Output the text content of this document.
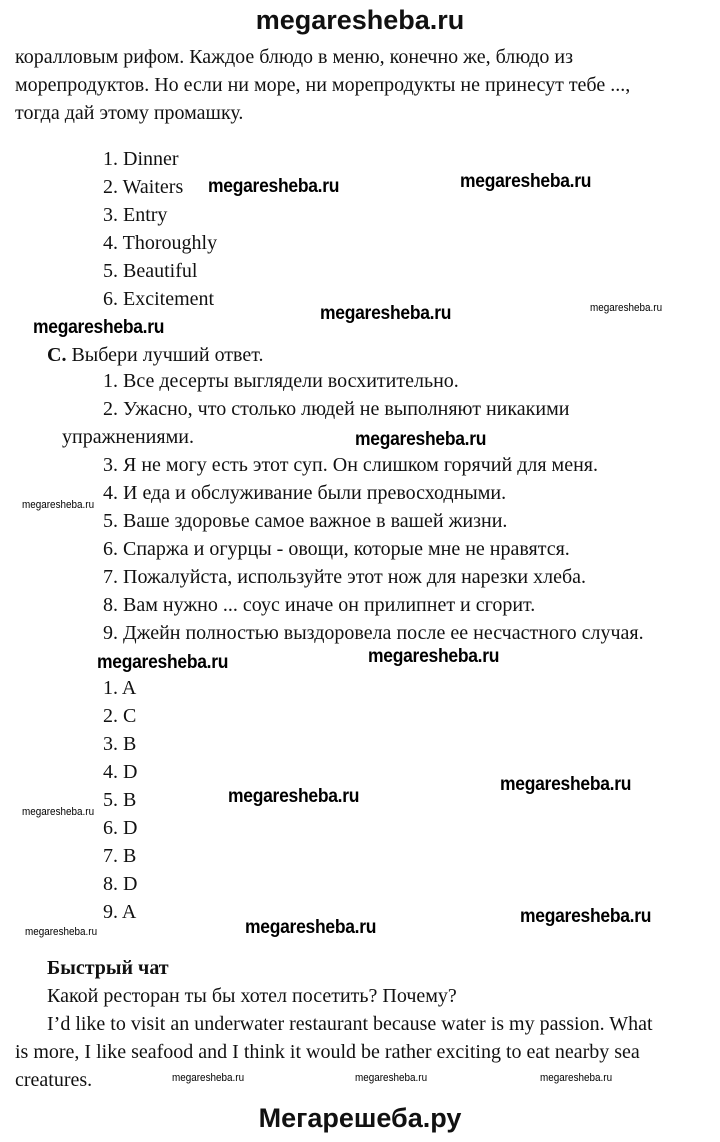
megaresheba.ru
коралловым рифом. Каждое блюдо в меню, конечно же, блюдо из
морепродуктов. Но если ни море, ни морепродукты не принесут тебе ...,
тогда дай этому промашку.
1. Dinner
2. Waiters
3. Entry
4. Thoroughly
5. Beautiful
6. Excitement
C. Выбери лучший ответ.
1. Все десерты выглядели восхитительно.
2. Ужасно, что столько людей не выполняют никакими
упражнениями.
3. Я не могу есть этот суп. Он слишком горячий для меня.
4. И еда и обслуживание были превосходными.
5. Ваше здоровье самое важное в вашей жизни.
6. Спаржа и огурцы - овощи, которые мне не нравятся.
7. Пожалуйста, используйте этот нож для нарезки хлеба.
8. Вам нужно ... соус иначе он прилипнет и сгорит.
9. Джейн полностью выздоровела после ее несчастного случая.
1. A
2. C
3. B
4. D
5. B
6. D
7. B
8. D
9. A
Быстрый чат
Какой ресторан ты бы хотел посетить? Почему?
I’d like to visit an underwater restaurant because water is my passion. What
is more, I like seafood and I think it would be rather exciting to eat nearby sea
creatures.
megaresheba.ru	megaresheba.ru
megaresheba.ru
megaresheba.ru
megaresheba.ru
megaresheba.ru
megaresheba.ru
megaresheba.ru
megaresheba.ru
megaresheba.ru
megaresheba.ru
megaresheba.ru
megaresheba.ru
megaresheba.ru
megaresheba.ru
megaresheba.ru	megaresheba.ru	megaresheba.ru
Мегарешеба.ру
